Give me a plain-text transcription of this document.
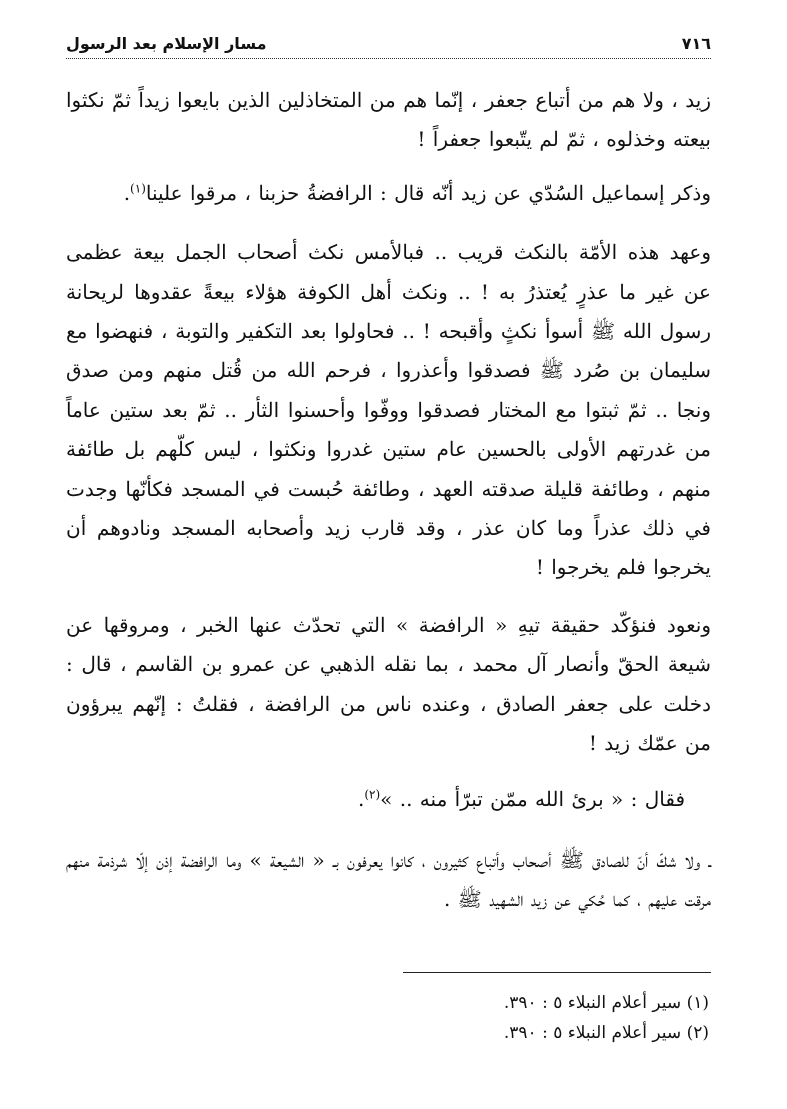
٧١٦
مسار الإسلام بعد الرسول

زيد ، ولا هم من أتباع جعفر ، إنّما هم من المتخاذلين الذين بايعوا زيداً ثمّ نكثوا بيعته وخذلوه ، ثمّ لم يتّبعوا جعفراً !

وذكر إسماعيل السُدّي عن زيد أنّه قال : الرافضةُ حزبنا ، مرقوا علينا$^{(١)}$.

وعهد هذه الأمّة بالنكث قريب .. فبالأمس نكث أصحاب الجمل بيعة عظمى عن غير ما عذرٍ يُعتذرُ به ! .. ونكث أهل الكوفة هؤلاء بيعةً عقدوها لريحانة رسول الله ﷺ أسوأ نكثٍ وأقبحه ! .. فحاولوا بعد التكفير والتوبة ، فنهضوا مع سليمان بن صُرد ﷺ فصدقوا وأعذروا ، فرحم الله من قُتل منهم ومن صدق ونجا .. ثمّ ثبتوا مع المختار فصدقوا ووفّوا وأحسنوا الثأر .. ثمّ بعد ستين عاماً من غدرتهم الأولى بالحسين عام ستين غدروا ونكثوا ، ليس كلّهم بل طائفة منهم ، وطائفة قليلة صدقته العهد ، وطائفة حُبست في المسجد فكأنّها وجدت في ذلك عذراً وما كان عذر ، وقد قارب زيد وأصحابه المسجد ونادوهم أن يخرجوا فلم يخرجوا !

ونعود فنؤكّد حقيقة تيهِ « الرافضة » التي تحدّث عنها الخبر ، ومروقها عن شيعة الحقّ وأنصار آل محمد ، بما نقله الذهبي عن عمرو بن القاسم ، قال : دخلت على جعفر الصادق ، وعنده ناس من الرافضة ، فقلتُ : إنّهم يبرؤون من عمّك زيد !

فقال : « برئ الله ممّن تبرّأ منه .. »$^{(٢)}$.

ـ ولا شكّ أنّ للصادق ﷺ أصحاب وأتباع كثيرون ، كانوا يعرفون بـ « الشيعة » وما الرافضة إذن إلّا شرذمة منهم مرقت عليهم ، كما حُكي عن زيد الشهيد ﷺ .

(١) سير أعلام النبلاء ٥ : ٣٩٠.

(٢) سير أعلام النبلاء ٥ : ٣٩٠.
